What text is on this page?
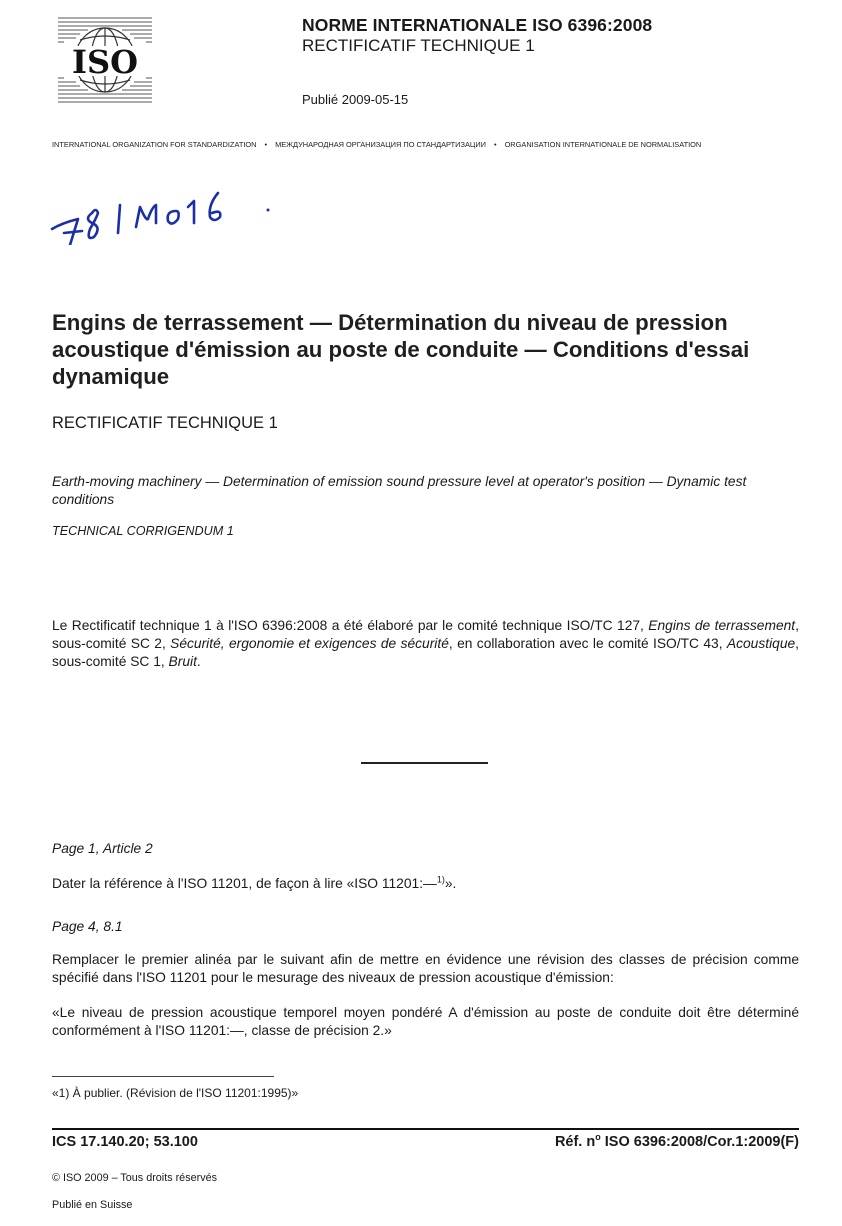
ISO
NORME INTERNATIONALE ISO 6396:2008
RECTIFICATIF TECHNIQUE 1
Publié 2009-05-15
INTERNATIONAL ORGANIZATION FOR STANDARDIZATION • МЕЖДУНАРОДНАЯ ОРГАНИЗАЦИЯ ПО СТАНДАРТИЗАЦИИ • ORGANISATION INTERNATIONALE DE NORMALISATION
781 M016 .
Engins de terrassement — Détermination du niveau de pression acoustique d'émission au poste de conduite — Conditions d'essai dynamique
RECTIFICATIF TECHNIQUE 1
Earth-moving machinery — Determination of emission sound pressure level at operator's position — Dynamic test conditions
TECHNICAL CORRIGENDUM 1
Le Rectificatif technique 1 à l'ISO 6396:2008 a été élaboré par le comité technique ISO/TC 127, Engins de terrassement, sous-comité SC 2, Sécurité, ergonomie et exigences de sécurité, en collaboration avec le comité ISO/TC 43, Acoustique, sous-comité SC 1, Bruit.
Page 1, Article 2
Dater la référence à l'ISO 11201, de façon à lire «ISO 11201:—$^{1)}$».
Page 4, 8.1
Remplacer le premier alinéa par le suivant afin de mettre en évidence une révision des classes de précision comme spécifié dans l'ISO 11201 pour le mesurage des niveaux de pression acoustique d'émission:
«Le niveau de pression acoustique temporel moyen pondéré A d'émission au poste de conduite doit être déterminé conformément à l'ISO 11201:—, classe de précision 2.»
«1) À publier. (Révision de l'ISO 11201:1995)»
ICS 17.140.20; 53.100	Réf. $n^o$ ISO 6396:2008/Cor.1:2009(F)
© ISO 2009 – Tous droits réservés
Publié en Suisse
